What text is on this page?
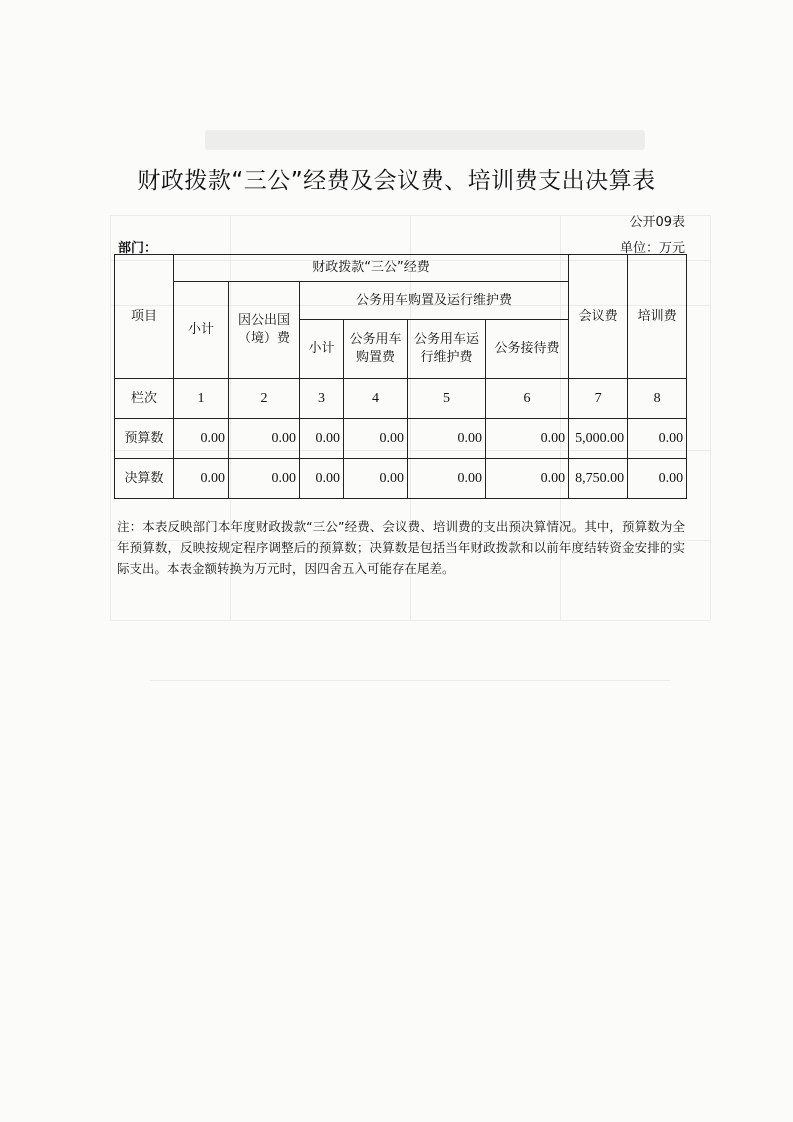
财政拨款“三公”经费及会议费、培训费支出决算表
公开09表
部门：	单位：万元
项目	财政拨款“三公”经费						会议费	培训费
	小计	因公出国（境）费	公务用车购置及运行维护费					
			小计	公务用车购置费	公务用车运行维护费	公务接待费		
栏次	1	2	3	4	5	6	7	8
预算数	0.00	0.00	0.00	0.00	0.00	0.00	5,000.00	0.00
决算数	0.00	0.00	0.00	0.00	0.00	0.00	8,750.00	0.00
注：本表反映部门本年度财政拨款“三公”经费、会议费、培训费的支出预决算情况。其中，预算数为全年预算数，反映按规定程序调整后的预算数；决算数是包括当年财政拨款和以前年度结转资金安排的实际支出。本表金额转换为万元时，因四舍五入可能存在尾差。
